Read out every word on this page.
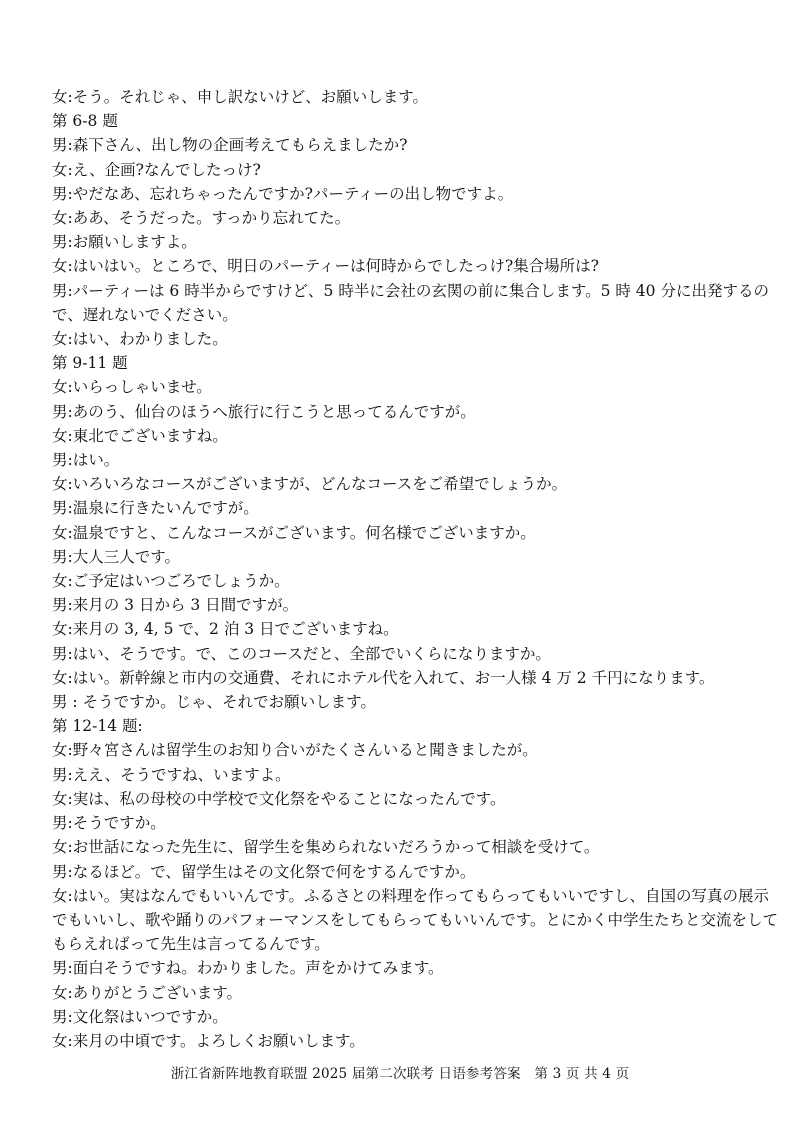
女:そう。それじゃ、申し訳ないけど、お願いします。
第 6-8 题
男:森下さん、出し物の企画考えてもらえましたか?
女:え、企画?なんでしたっけ?
男:やだなあ、忘れちゃったんですか?パーティーの出し物ですよ。
女:ああ、そうだった。すっかり忘れてた。
男:お願いしますよ。
女:はいはい。ところで、明日のパーティーは何時からでしたっけ?集合場所は?
男:パーティーは 6 時半からですけど、5 時半に会社の玄関の前に集合します。5 時 40 分に出発するので、遅れないでください。
女:はい、わかりました。
第 9-11 题
女:いらっしゃいませ。
男:あのう、仙台のほうへ旅行に行こうと思ってるんですが。
女:東北でございますね。
男:はい。
女:いろいろなコースがございますが、どんなコースをご希望でしょうか。
男:温泉に行きたいんですが。
女:温泉ですと、こんなコースがございます。何名様でございますか。
男:大人三人です。
女:ご予定はいつごろでしょうか。
男:来月の 3 日から 3 日間ですが。
女:来月の 3, 4, 5 で、2 泊 3 日でございますね。
男:はい、そうです。で、このコースだと、全部でいくらになりますか。
女:はい。新幹線と市内の交通費、それにホテル代を入れて、お一人様 4 万 2 千円になります。
男 : そうですか。じゃ、それでお願いします。
第 12-14 题:
女:野々宮さんは留学生のお知り合いがたくさんいると聞きましたが。
男:ええ、そうですね、いますよ。
女:実は、私の母校の中学校で文化祭をやることになったんです。
男:そうですか。
女:お世話になった先生に、留学生を集められないだろうかって相談を受けて。
男:なるほど。で、留学生はその文化祭で何をするんですか。
女:はい。実はなんでもいいんです。ふるさとの料理を作ってもらってもいいですし、自国の写真の展示でもいいし、歌や踊りのパフォーマンスをしてもらってもいいんです。とにかく中学生たちと交流をしてもらえればって先生は言ってるんです。
男:面白そうですね。わかりました。声をかけてみます。
女:ありがとうございます。
男:文化祭はいつですか。
女:来月の中頃です。よろしくお願いします。
浙江省新阵地教育联盟 2025 届第二次联考 日语参考答案　第 3 页 共 4 页
